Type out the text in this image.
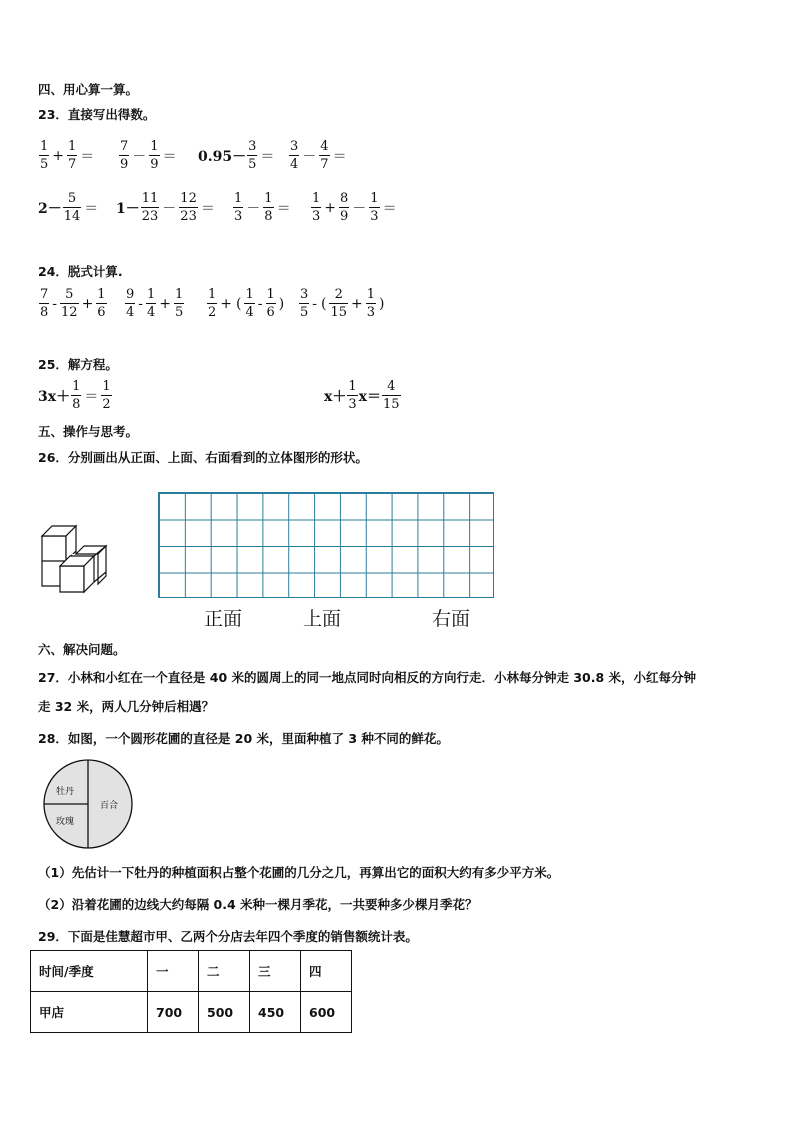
四、用心算一算。
23．直接写出得数。
$\frac{1}{5} + \frac{1}{7} = \frac{7}{9} - \frac{1}{9} = 0.95- \frac{3}{5} = \frac{3}{4} - \frac{4}{7}$ ＝
$2- \frac{5}{14} = 1- \frac{11}{23} - \frac{12}{23} = \frac{1}{3} - \frac{1}{8} = \frac{1}{3} + \frac{8}{9} - \frac{1}{3}$ ＝
24．脱式计算.
$\frac{7}{8} - \frac{5}{12} + \frac{1}{6} \frac{9}{4} - \frac{1}{4} + \frac{1}{5} \frac{1}{2}$ + ( $\frac{1}{4} - \frac{1}{6}$ ) $\frac{3}{5}$ - ( $\frac{2}{15} + \frac{1}{3}$ )
25．解方程。
$3x+ \frac{1}{8} = \frac{1}{2}$	$x+ \frac{1}{3} x= \frac{4}{15}$
五、操作与思考。
26．分别画出从正面、上面、右面看到的立体图形的形状。
正面	上面	右面
六、解决问题。
27．小林和小红在一个直径是 40 米的圆周上的同一地点同时向相反的方向行走．小林每分钟走 30.8 米，小红每分钟
走 32 米，两人几分钟后相遇？
28．如图，一个圆形花圃的直径是 20 米，里面种植了 3 种不同的鲜花。
牡丹
百合
玫瑰
（1）先估计一下牡丹的种植面积占整个花圃的几分之几，再算出它的面积大约有多少平方米。
（2）沿着花圃的边线大约每隔 0.4 米种一棵月季花，一共要种多少棵月季花？
29．下面是佳慧超市甲、乙两个分店去年四个季度的销售额统计表。
时间/季度	一	二	三	四
甲店	700	500	450	600
